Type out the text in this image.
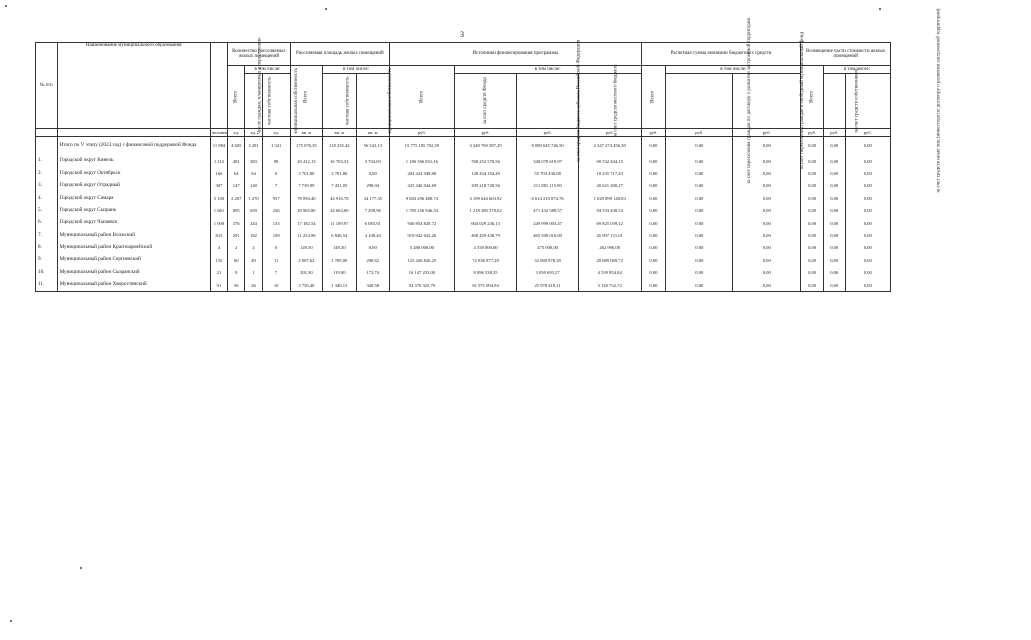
3
№ п/п	Наименование муниципального образования	Число граждан, планируемых к переселению	Количество расселяемых жилых помещений			Расселяемая площадь жилых помещений			Источники финансирования программы				Расчетная сумма экономии бюджетных средств			Возмещение части стоимости жилых помещений		
			Всего	в том числе:		Всего	в том числе:		Всего	в том числе:			Всего	в том числе:		Всего	в том числе:	
				частная собственность	муниципальная собственность		частная собственность	муниципальная собственность		за счет средств Фонда	за счет средств бюджета субъекта Российской Федерации	за счет средств местного бюджета		за счет переселения граждан по договору о развитии застроенной территории	за счет переселения граждан в свободный муниципальный фонд		за счет средств собственников	за счет средств иных лиц (инвестора по договору о развитии застроенной территории)
		человек	ед.	ед.	ед.	кв. м	кв. м	кв. м	руб.	руб.	руб.	руб.	руб.	руб.	руб.	руб.	руб.	руб.
	Итого по V этапу (2023 год) с финансовой поддержкой Фонда	11 984	4 605	3 281	1 341	175 076,35	118 335,42	56 542,13	15 775 185 702,59	3 349 769 587,29	8 080 045 746,50	2 347 274 456,39	0,00	0,00	0,00	0,00	0,00	0,00
1.	Городской округ Кинель	1 112	481	383	98	20 412,13	16 703,33	3 704,03	1 186 566 831,16	768 252 570,56	348 078 619,97	69 532 444,15	0,00	0,00	0,00	0,00	0,00	0,00
2.	Городской округ Октябрьск	166	64	64	0	3 701,80	3 701,80	0,00	204 424 948,68	128 434 194,49	55 703 436,08	10 235 717,43	0,00	0,00	0,00	0,00	0,00	0,00
3.	Городской округ Отрадный	307	147	140	7	7 739,99	7 431,05	298,94	425 446 044,69	209 218 728,56	211 881 115,90	20 621 200,27	0,00	0,00	0,00	0,00	0,00	0,00
4.	Городской округ Самара	5 100	2 207	1 270	937	78 094,40	44 916,78	34 177,35	9 843 296 480,74	3 199 644 603,92	6 614 210 874,76	1 029 899 140,03	0,00	0,00	0,00	0,00	0,00	0,00
5.	Городской округ Сызрань	1 661	895	659	236	30 965,80	24 663,00	7 209,96	1 785 256 946,54	1 218 280 578,02	471 432 589,57	94 533 438,54	0,00	0,00	0,00	0,00	0,00	0,00
6.	Городской округ Чапаевск	1 000	376	244	133	17 182,54	11 109,97	6 083,91	940 854 828,72	604 029 236,13	249 999 003,47	69 825 039,12	0,00	0,00	0,00	0,00	0,00	0,00
7.	Муниципальный район Волжский	815	291	182	109	11 254,98	6 846,54	4 108,44	919 942 632,26	408 459 438,79	465 500 010,00	45 997 131,01	0,00	0,00	0,00	0,00	0,00	0,00
8.	Муниципальный район Красноармейский	4	2	2	0	149,50	149,50	0,00	5 280 000,00	4 558 000,00	475 000,00	262 996,00	0,00	0,00	0,00	0,00	0,00	0,00
9.	Муниципальный район Сергиевский	135	60	49	11	2 007,62	1 709,00	298,62	125 426 826,25	72 836 877,28	32 080 878,28	20 689 069,72	0,00	0,00	0,00	0,00	0,00	0,00
10.	Муниципальный район Сызранский	21	8	1	7	291,30	119,00	172,74	16 147 253,00	8 096 538,35	3 050 693,27	4 539 854,84	0,00	0,00	0,00	0,00	0,00	0,00
11.	Муниципальный район Хворостянский	91	56	26	10	3 750,40	1 340,13	340,58	94 370 325,79	61 971 094,94	25 978 418,11	5 120 732,72	0,00	0,00	0,00	0,00	0,00	0,00
